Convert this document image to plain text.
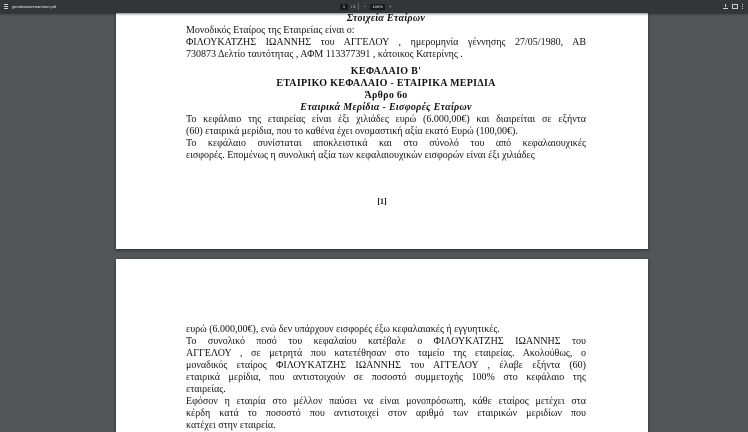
gemikoseurenarmion.pdf	1	/ 2	−	100%	+
Στοιχεία Εταίρων
Μονοδικός Εταίρος της Εταιρείας είναι ο:
ΦΙΛΟΥΚΑΤΖΗΣ ΙΩΑΝΝΗΣ του ΑΓΓΕΛΟΥ , ημερομηνία γέννησης 27/05/1980, ΑΒ
730873 Δελτίο ταυτότητας , ΑΦΜ 113377391 , κάτοικος Κατερίνης .
ΚΕΦΑΛΑΙΟ Β'
ΕΤΑΙΡΙΚΟ ΚΕΦΑΛΑΙΟ - ΕΤΑΙΡΙΚΑ ΜΕΡΙΔΙΑ
Άρθρο 6ο
Εταιρικά Μερίδια - Εισφορές Εταίρων
Το κεφάλαιο της εταιρείας είναι έξι χιλιάδες ευρώ (6.000,00€) και διαιρείται σε εξήντα
(60) εταιρικά μερίδια, που το καθένα έχει ονομαστική αξία εκατό Ευρώ (100,00€).
Το κεφάλαιο συνίσταται αποκλειστικά και στο σύνολό του από κεφαλαιουχικές
εισφορές. Επομένως η συνολική αξία των κεφαλαιουχικών εισφορών είναι έξι χιλιάδες
[1]
ευρώ (6.000,00€), ενώ δεν υπάρχουν εισφορές έξω κεφαλαιακές ή εγγυητικές.
Το συνολικό ποσό του κεφαλαίου κατέβαλε ο ΦΙΛΟΥΚΑΤΖΗΣ ΙΩΑΝΝΗΣ του
ΑΓΓΕΛΟΥ , σε μετρητά που κατετέθησαν στο ταμείο της εταιρείας. Ακολούθως, ο
μοναδικός εταίρος ΦΙΛΟΥΚΑΤΖΗΣ ΙΩΑΝΝΗΣ του ΑΓΓΕΛΟΥ , έλαβε εξήντα (60)
εταιρικά μερίδια, που αντιστοιχούν σε ποσοστό συμμετοχής 100% στο κεφάλαιο της
εταιρείας.
Εφόσον η εταιρία στο μέλλον παύσει να είναι μονοπρόσωπη, κάθε εταίρος μετέχει στα
κέρδη κατά το ποσοστό που αντιστοιχεί στον αριθμό των εταιρικών μεριδίων που
κατέχει στην εταιρεία.
